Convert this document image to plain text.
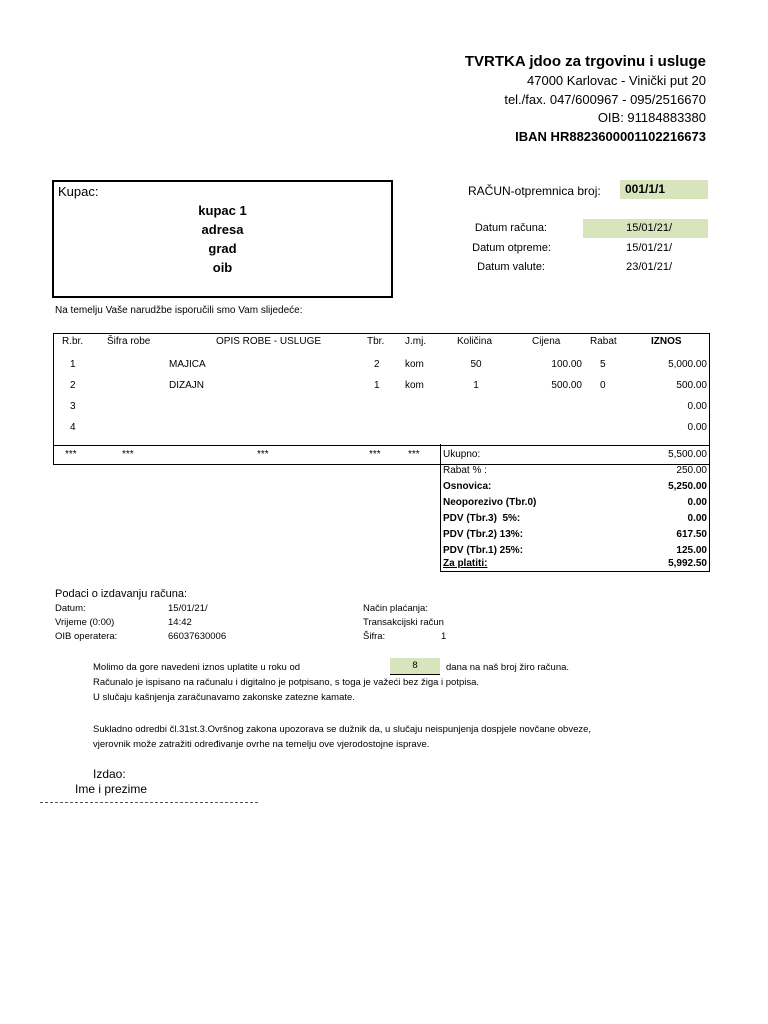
TVRTKA jdoo za trgovinu i usluge
47000 Karlovac - Vinički put 20
tel./fax. 047/600967 - 095/2516670
OIB: 91184883380
IBAN HR8823600001102216673
Kupac:
kupac 1
adresa
grad
oib
RAČUN-otpremnica broj:	001/1/1
Datum računa:	15/01/21/
Datum otpreme:	15/01/21/
Datum valute:	23/01/21/
Na temelju Vaše narudžbe isporučili smo Vam slijedeće:
R.br. Šifra robe	OPIS ROBE - USLUGE	Tbr. J.mj.	Količina	Cijena	Rabat	IZNOS
1	MAJICA	2	kom	50	100.00 5	5,000.00
2	DIZAJN	1	kom	1	500.00 0	500.00
3	0.00
4	0.00
***	***	***	***	*** Ukupno:	5,500.00
Rabat % :	250.00
Osnovica:	5,250.00
Neoporezivo (Tbr.0)	0.00
PDV (Tbr.3)  5%:	0.00
PDV (Tbr.2) 13%:	617.50
PDV (Tbr.1) 25%:	125.00
Za platiti:	5,992.50
Podaci o izdavanju računa:
Datum:	15/01/21/
Vrijeme (0:00)	14:42
OIB operatera:	66037630006
Način plaćanja:
Transakcijski račun
Šifra:	1
Molimo da gore navedeni iznos uplatite u roku od	8	dana na naš broj žiro računa.
Računalo je ispisano na računalu i digitalno je potpisano, s toga je važeći bez žiga i potpisa.
U slučaju kašnjenja zaračunavamo zakonske zatezne kamate.
Sukladno odredbi čl.31st.3.Ovršnog zakona upozorava se dužnik da, u slučaju neispunjenja dospjele novčane obveze,
vjerovnik može zatražiti određivanje ovrhe na temelju ove vjerodostojne isprave.
Izdao:
Ime i prezime
